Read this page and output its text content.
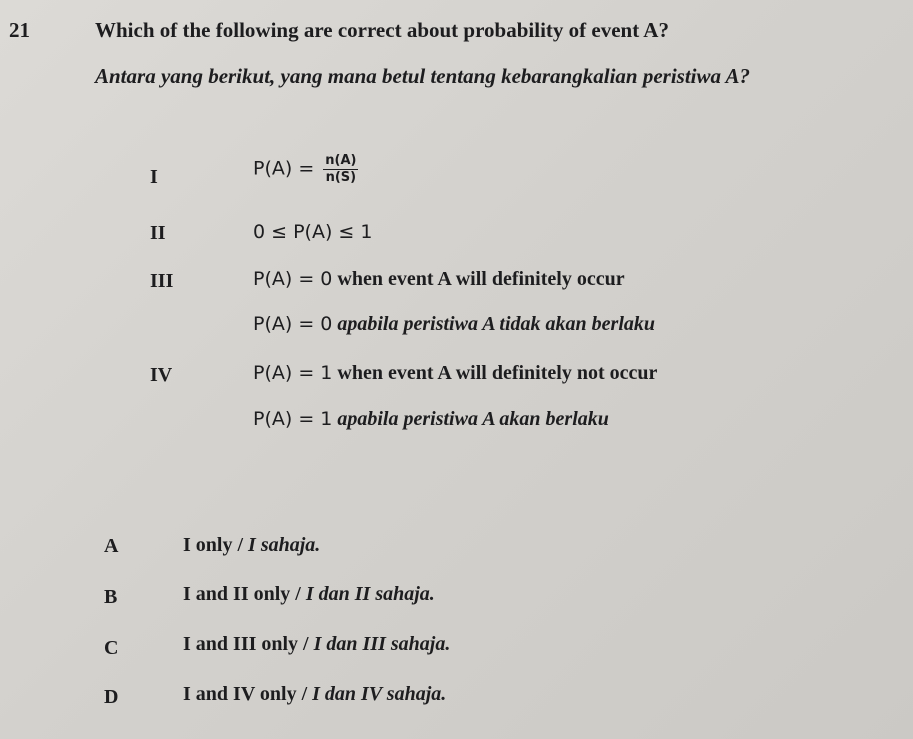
21	Which of the following are correct about probability of event A?
Antara yang berikut, yang mana betul tentang kebarangkalian peristiwa A?
I	$P(A) = \frac{n(A)}{n(S)}$
II	0 ≤ P(A) ≤ 1
III	P(A) = 0 when event A will definitely occur
P(A) = 0 apabila peristiwa A tidak akan berlaku
IV	P(A) = 1 when event A will definitely not occur
P(A) = 1 apabila peristiwa A akan berlaku
A	I only / I sahaja.
B	I and II only / I dan II sahaja.
C	I and III only / I dan III sahaja.
D	I and IV only / I dan IV sahaja.
